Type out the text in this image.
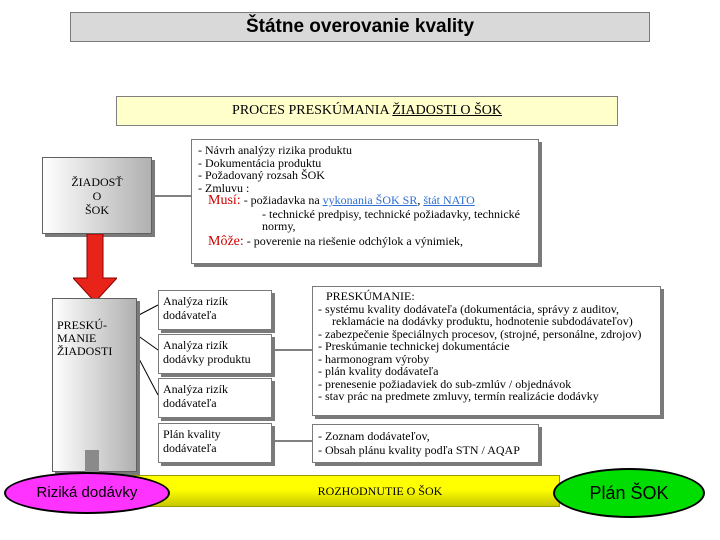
Štátne overovanie kvality
PROCES PRESKÚMANIA ŽIADOSTI O ŠOK
ŽIADOSŤ
O
ŠOK
PRESKÚ-
MANIE
ŽIADOSTI
- Návrh analýzy rizika produktu
- Dokumentácia produktu
- Požadovaný rozsah ŠOK
- Zmluvu :
Musí: - požiadavka na vykonania ŠOK SR, štát NATO
- technické predpisy, technické požiadavky, technické
normy,
Môže: - poverenie na riešenie odchýlok a výnimiek,
Analýza rizík
dodávateľa
Analýza rizík
dodávky produktu
Analýza rizík
dodávateľa
Plán kvality
dodávateľa
PRESKÚMANIE:
- systému kvality dodávateľa (dokumentácia, správy z auditov,
reklamácie na dodávky produktu, hodnotenie subdodávateľov)
- zabezpečenie špeciálnych procesov, (strojné, personálne, zdrojov)
- Preskúmanie technickej dokumentácie
- harmonogram výroby
- plán kvality dodávateľa
- prenesenie požiadaviek do sub-zmlúv / objednávok
- stav prác na predmete zmluvy, termín realizácie dodávky
- Zoznam dodávateľov,
- Obsah plánu kvality podľa STN / AQAP
ROZHODNUTIE O ŠOK
Riziká dodávky	Plán ŠOK
